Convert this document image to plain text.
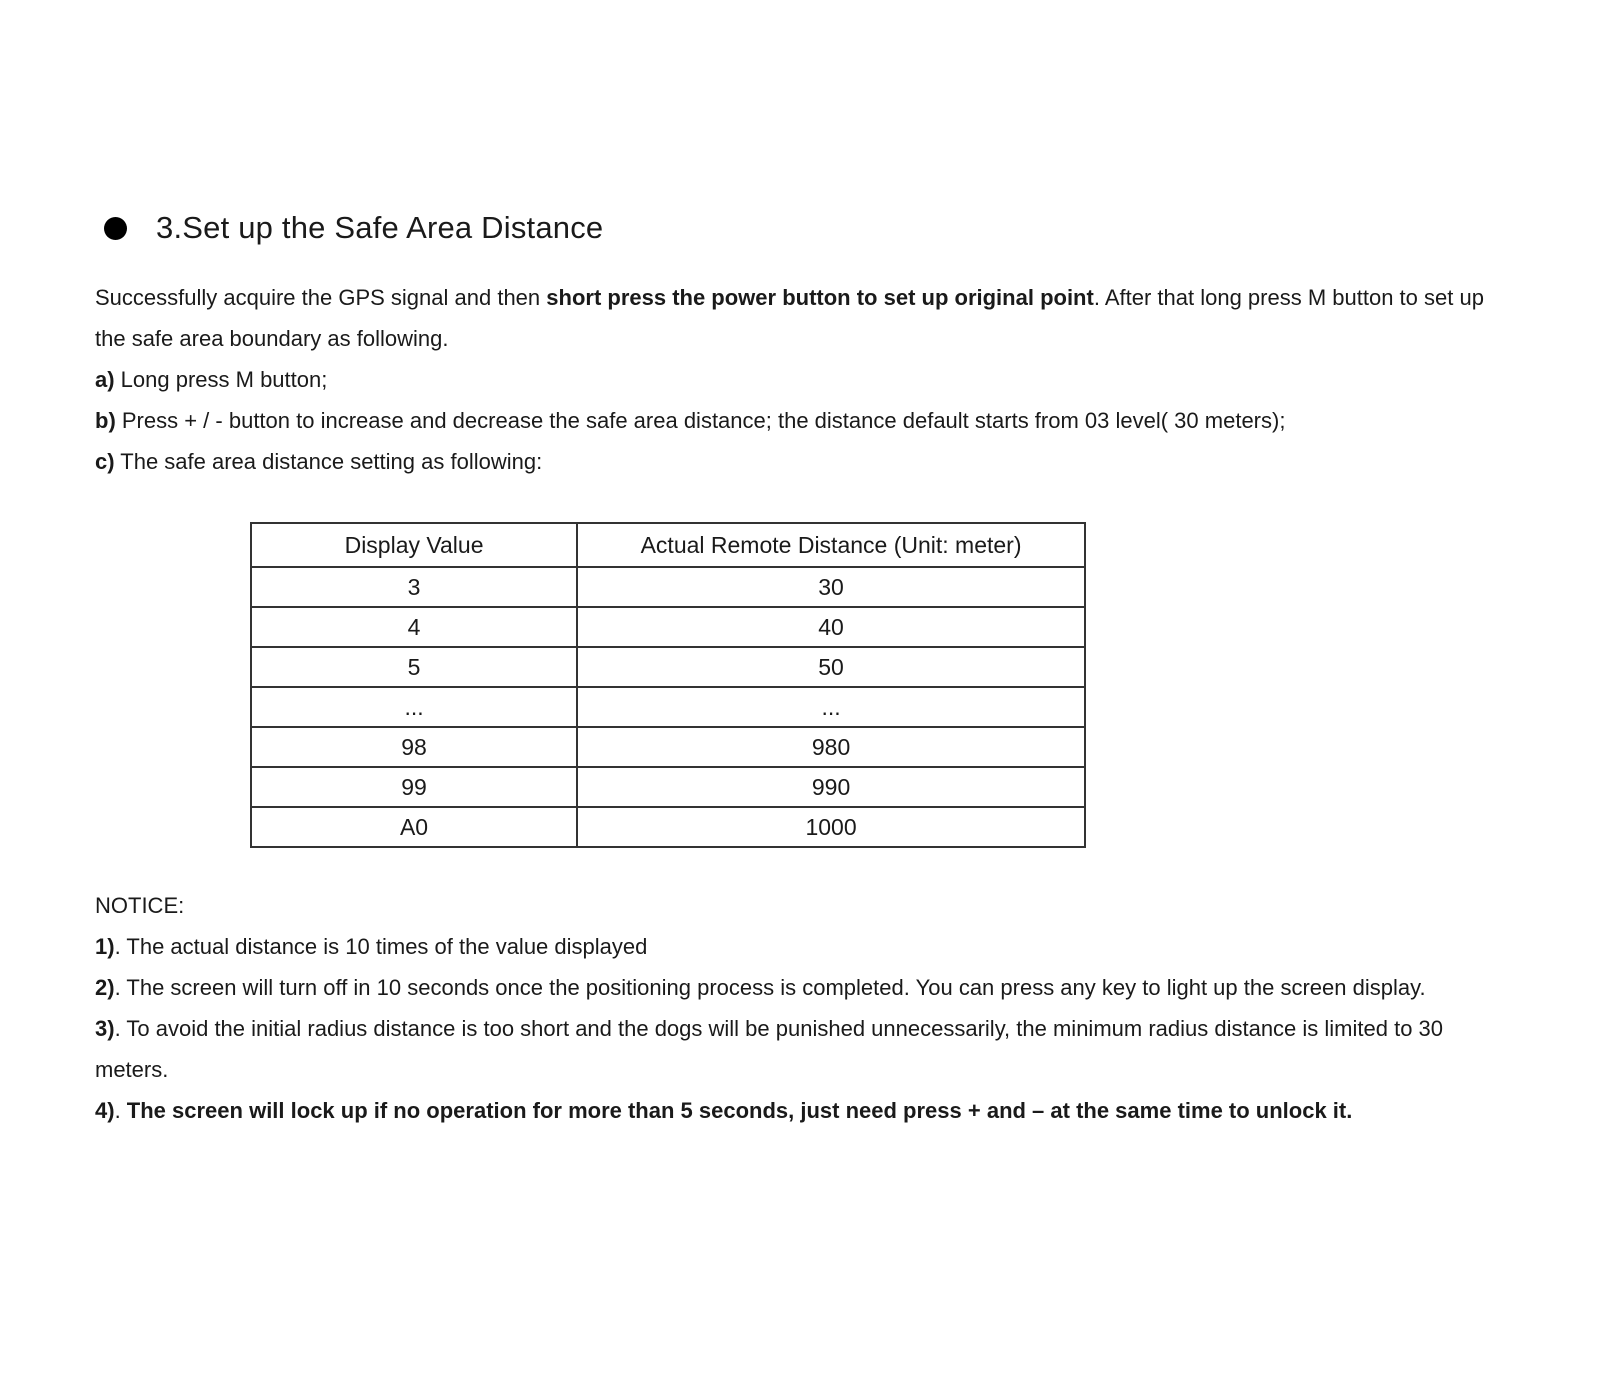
3.Set up the Safe Area Distance
Successfully acquire the GPS signal and then short press the power button to set up original point. After that long press M button to set up the safe area boundary as following.
a) Long press M button;
b) Press + / - button to increase and decrease the safe area distance; the distance default starts from 03 level( 30 meters);
c) The safe area distance setting as following:
Display Value	Actual Remote Distance (Unit: meter)
3	30
4	40
5	50
...	...
98	980
99	990
A0	1000
NOTICE:
1). The actual distance is 10 times of the value displayed
2). The screen will turn off in 10 seconds once the positioning process is completed. You can press any key to light up the screen display.
3). To avoid the initial radius distance is too short and the dogs will be punished unnecessarily, the minimum radius distance is limited to 30 meters.
4). The screen will lock up if no operation for more than 5 seconds, just need press + and – at the same time to unlock it.
